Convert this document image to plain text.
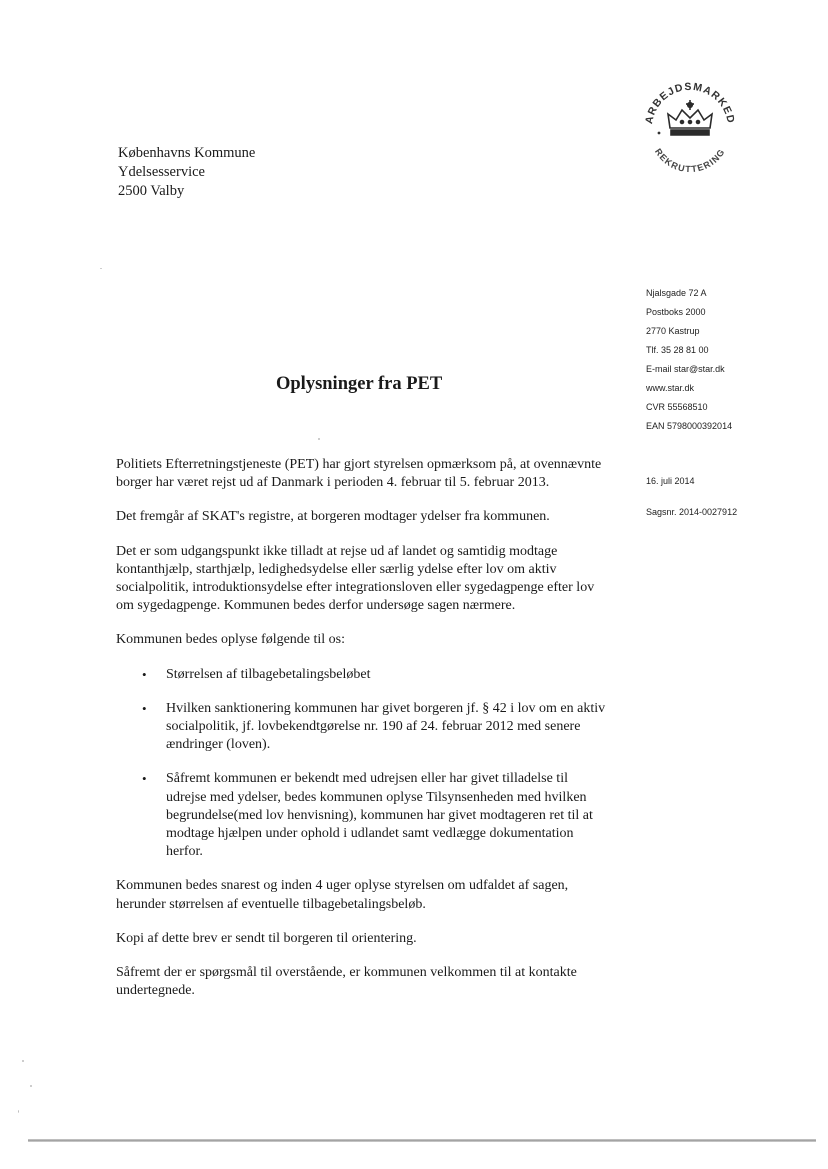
ARBEJDSMARKED
REKRUTTERING
Københavns Kommune
Ydelsesservice
2500 Valby
Njalsgade 72 A
Postboks 2000
2770 Kastrup
Tlf. 35 28 81 00
E-mail star@star.dk
www.star.dk
CVR 55568510
EAN 5798000392014
16. juli 2014
Sagsnr. 2014-0027912
Oplysninger fra PET

Politiets Efterretningstjeneste (PET) har gjort styrelsen opmærksom på, at ovennævnte borger har været rejst ud af Danmark i perioden 4. februar til 5. februar 2013.

Det fremgår af SKAT's registre, at borgeren modtager ydelser fra kommunen.

Det er som udgangspunkt ikke tilladt at rejse ud af landet og samtidig modtage kontanthjælp, starthjælp, ledighedsydelse eller særlig ydelse efter lov om aktiv socialpolitik, introduktionsydelse efter integrationsloven eller sygedagpenge efter lov om sygedagpenge. Kommunen bedes derfor undersøge sagen nærmere.

Kommunen bedes oplyse følgende til os:

• Størrelsen af tilbagebetalingsbeløbet
• Hvilken sanktionering kommunen har givet borgeren jf. § 42 i lov om en aktiv socialpolitik, jf. lovbekendtgørelse nr. 190 af 24. februar 2012 med senere ændringer (loven).
• Såfremt kommunen er bekendt med udrejsen eller har givet tilladelse til udrejse med ydelser, bedes kommunen oplyse Tilsynsenheden med hvilken begrundelse(med lov henvisning), kommunen har givet modtageren ret til at modtage hjælpen under ophold i udlandet samt vedlægge dokumentation herfor.

Kommunen bedes snarest og inden 4 uger oplyse styrelsen om udfaldet af sagen, herunder størrelsen af eventuelle tilbagebetalingsbeløb.

Kopi af dette brev er sendt til borgeren til orientering.

Såfremt der er spørgsmål til overstående, er kommunen velkommen til at kontakte undertegnede.
